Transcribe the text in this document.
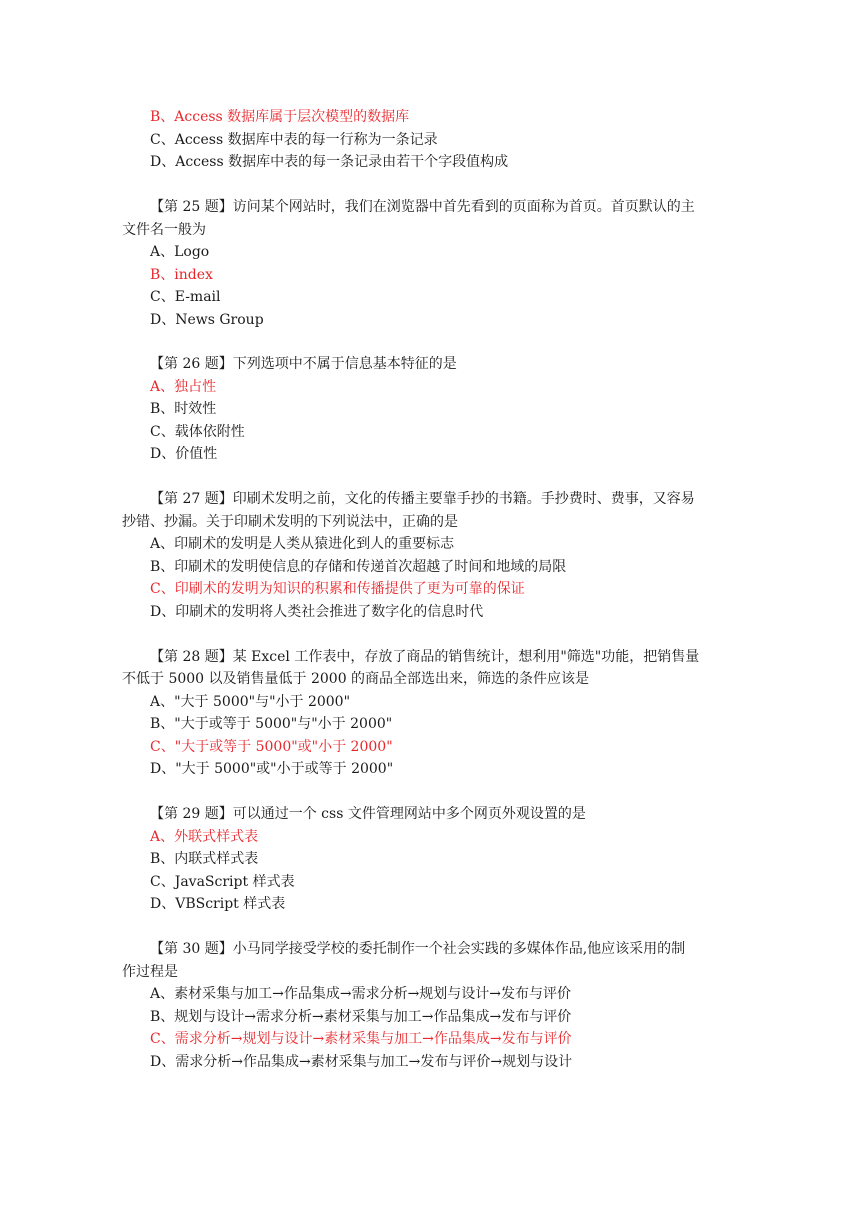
B、Access 数据库属于层次模型的数据库
C、Access 数据库中表的每一行称为一条记录
D、Access 数据库中表的每一条记录由若干个字段值构成
【第 25 题】访问某个网站时，我们在浏览器中首先看到的页面称为首页。首页默认的主
文件名一般为
A、Logo
B、index
C、E-mail
D、News Group
【第 26 题】下列选项中不属于信息基本特征的是
A、独占性
B、时效性
C、载体依附性
D、价值性
【第 27 题】印刷术发明之前，文化的传播主要靠手抄的书籍。手抄费时、费事，又容易
抄错、抄漏。关于印刷术发明的下列说法中，正确的是
A、印刷术的发明是人类从猿进化到人的重要标志
B、印刷术的发明使信息的存储和传递首次超越了时间和地域的局限
C、印刷术的发明为知识的积累和传播提供了更为可靠的保证
D、印刷术的发明将人类社会推进了数字化的信息时代
【第 28 题】某 Excel 工作表中，存放了商品的销售统计，想利用"筛选"功能，把销售量
不低于 5000 以及销售量低于 2000 的商品全部选出来，筛选的条件应该是
A、"大于 5000"与"小于 2000"
B、"大于或等于 5000"与"小于 2000"
C、"大于或等于 5000"或"小于 2000"
D、"大于 5000"或"小于或等于 2000"
【第 29 题】可以通过一个 css 文件管理网站中多个网页外观设置的是
A、外联式样式表
B、内联式样式表
C、JavaScript 样式表
D、VBScript 样式表
【第 30 题】小马同学接受学校的委托制作一个社会实践的多媒体作品,他应该采用的制
作过程是
A、素材采集与加工→作品集成→需求分析→规划与设计→发布与评价
B、规划与设计→需求分析→素材采集与加工→作品集成→发布与评价
C、需求分析→规划与设计→素材采集与加工→作品集成→发布与评价
D、需求分析→作品集成→素材采集与加工→发布与评价→规划与设计
